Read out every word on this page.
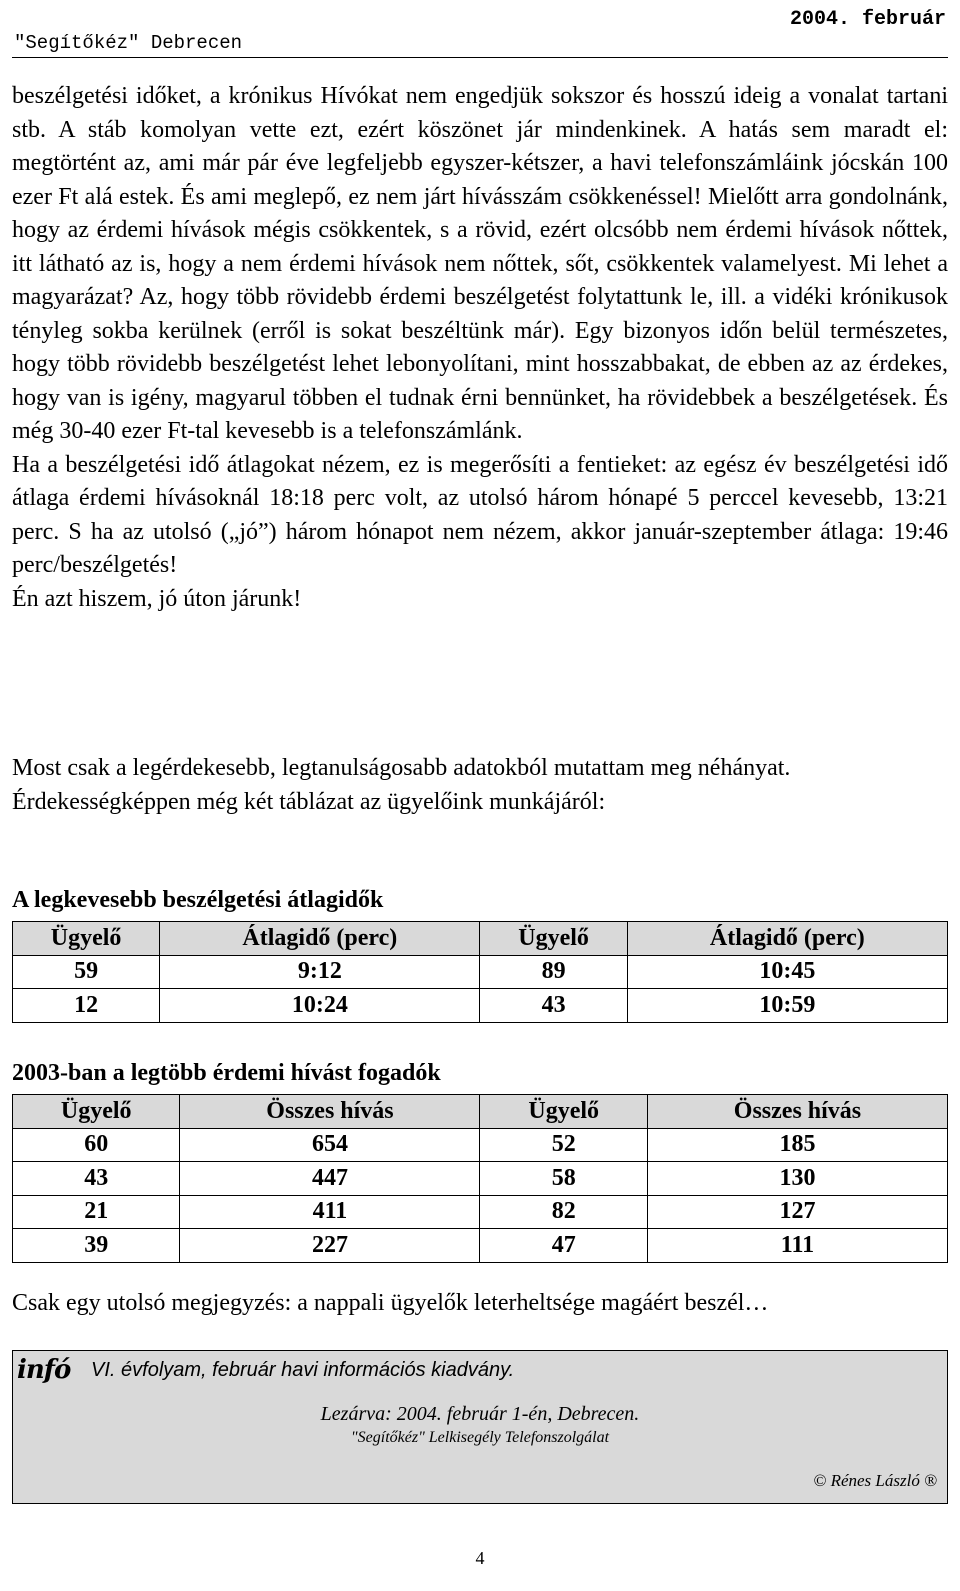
"Segítőkéz" Debrecen
2004. február

beszélgetési időket, a krónikus Hívókat nem engedjük sokszor és hosszú ideig a vonalat tartani stb. A stáb komolyan vette ezt, ezért köszönet jár mindenkinek. A hatás sem maradt el: megtörtént az, ami már pár éve legfeljebb egyszer-kétszer, a havi telefonszámláink jócskán 100 ezer Ft alá estek. És ami meglepő, ez nem járt hívásszám csökkenéssel! Mielőtt arra gondolnánk, hogy az érdemi hívások mégis csökkentek, s a rövid, ezért olcsóbb nem érdemi hívások nőttek, itt látható az is, hogy a nem érdemi hívások nem nőttek, sőt, csökkentek valamelyest. Mi lehet a magyarázat? Az, hogy több rövidebb érdemi beszélgetést folytattunk le, ill. a vidéki krónikusok tényleg sokba kerülnek (erről is sokat beszéltünk már). Egy bizonyos időn belül természetes, hogy több rövidebb beszélgetést lehet lebonyolítani, mint hosszabbakat, de ebben az az érdekes, hogy van is igény, magyarul többen el tudnak érni bennünket, ha rövidebbek a beszélgetések. És még 30-40 ezer Ft-tal kevesebb is a telefonszámlánk.

Ha a beszélgetési idő átlagokat nézem, ez is megerősíti a fentieket: az egész év beszélgetési idő átlaga érdemi hívásoknál 18:18 perc volt, az utolsó három hónapé 5 perccel kevesebb, 13:21 perc. S ha az utolsó („jó”) három hónapot nem nézem, akkor január-szeptember átlaga: 19:46 perc/beszélgetés!

Én azt hiszem, jó úton járunk!

Most csak a legérdekesebb, legtanulságosabb adatokból mutattam meg néhányat.

Érdekességképpen még két táblázat az ügyelőink munkájáról:

A legkevesebb beszélgetési átlagidők
Ügyelő	Átlagidő (perc)	Ügyelő	Átlagidő (perc)
59	9:12	89	10:45
12	10:24	43	10:59
2003-ban a legtöbb érdemi hívást fogadók
Ügyelő	Összes hívás	Ügyelő	Összes hívás
60	654	52	185
43	447	58	130
21	411	82	127
39	227	47	111
Csak egy utolsó megjegyzés: a nappali ügyelők leterheltsége magáért beszél…
infó VI. évfolyam, február havi információs kiadvány.
Lezárva: 2004. február 1-én, Debrecen.
"Segítőkéz" Lelkisegély Telefonszolgálat
© Rénes László ®
4
